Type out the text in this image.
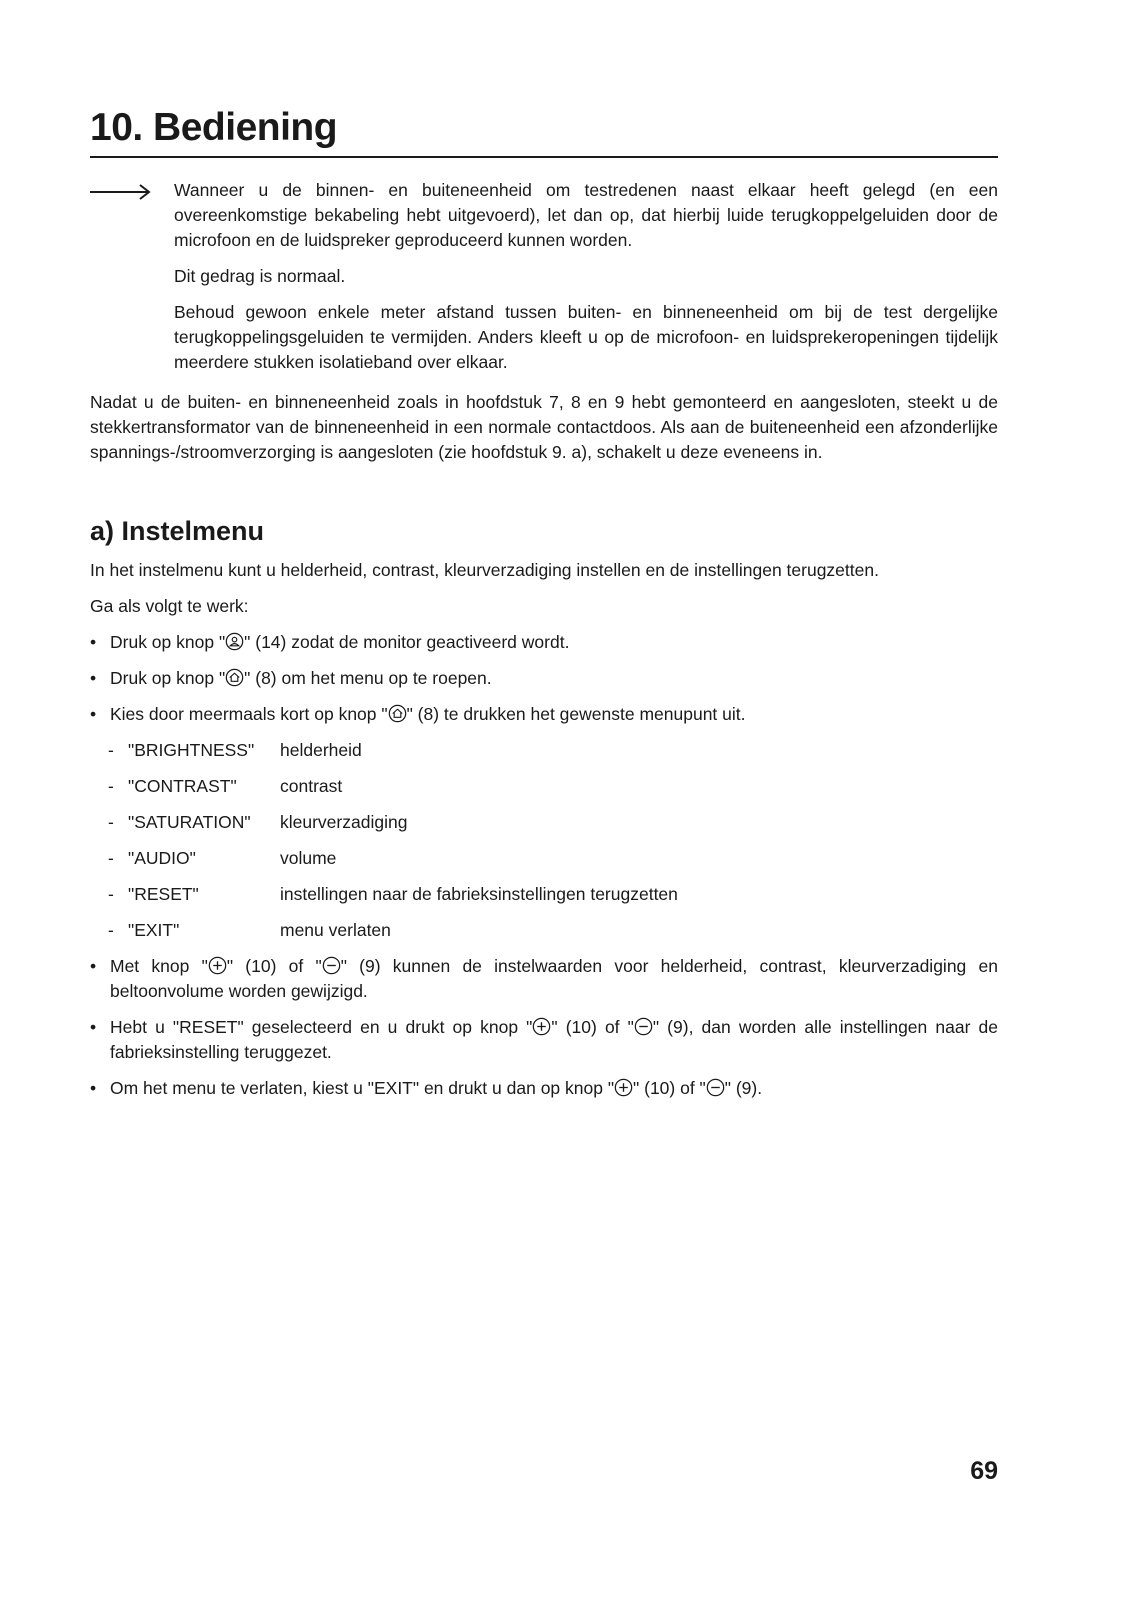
10. Bediening

Wanneer u de binnen- en buiteneenheid om testredenen naast elkaar heeft gelegd (en een overeenkomstige bekabeling hebt uitgevoerd), let dan op, dat hierbij luide terugkoppelgeluiden door de microfoon en de luidspreker geproduceerd kunnen worden.

Dit gedrag is normaal.

Behoud gewoon enkele meter afstand tussen buiten- en binneneenheid om bij de test dergelijke terugkoppelingsgeluiden te vermijden. Anders kleeft u op de microfoon- en luidsprekeropeningen tijdelijk meerdere stukken isolatieband over elkaar.

Nadat u de buiten- en binneneenheid zoals in hoofdstuk 7, 8 en 9 hebt gemonteerd en aangesloten, steekt u de stekkertransformator van de binneneenheid in een normale contactdoos. Als aan de buiteneenheid een afzonderlijke spannings-/stroomverzorging is aangesloten (zie hoofdstuk 9. a), schakelt u deze eveneens in.

a) Instelmenu

In het instelmenu kunt u helderheid, contrast, kleurverzadiging instellen en de instellingen terugzetten.

Ga als volgt te werk:

• Druk op knop " " (14) zodat de monitor geactiveerd wordt.

• Druk op knop " " (8) om het menu op te roepen.

• Kies door meermaals kort op knop " " (8) te drukken het gewenste menupunt uit.

- "BRIGHTNESS" helderheid
- "CONTRAST" contrast
- "SATURATION" kleurverzadiging
- "AUDIO"	volume
- "RESET"	instellingen naar de fabrieksinstellingen terugzetten
- "EXIT"	menu verlaten

• Met knop " " (10) of " " (9) kunnen de instelwaarden voor helderheid, contrast, kleurverzadiging en beltoonvolume worden gewijzigd.

• Hebt u "RESET" geselecteerd en u drukt op knop " " (10) of " " (9), dan worden alle instellingen naar de fabrieksinstelling teruggezet.

• Om het menu te verlaten, kiest u "EXIT" en drukt u dan op knop " " (10) of " " (9).

69
